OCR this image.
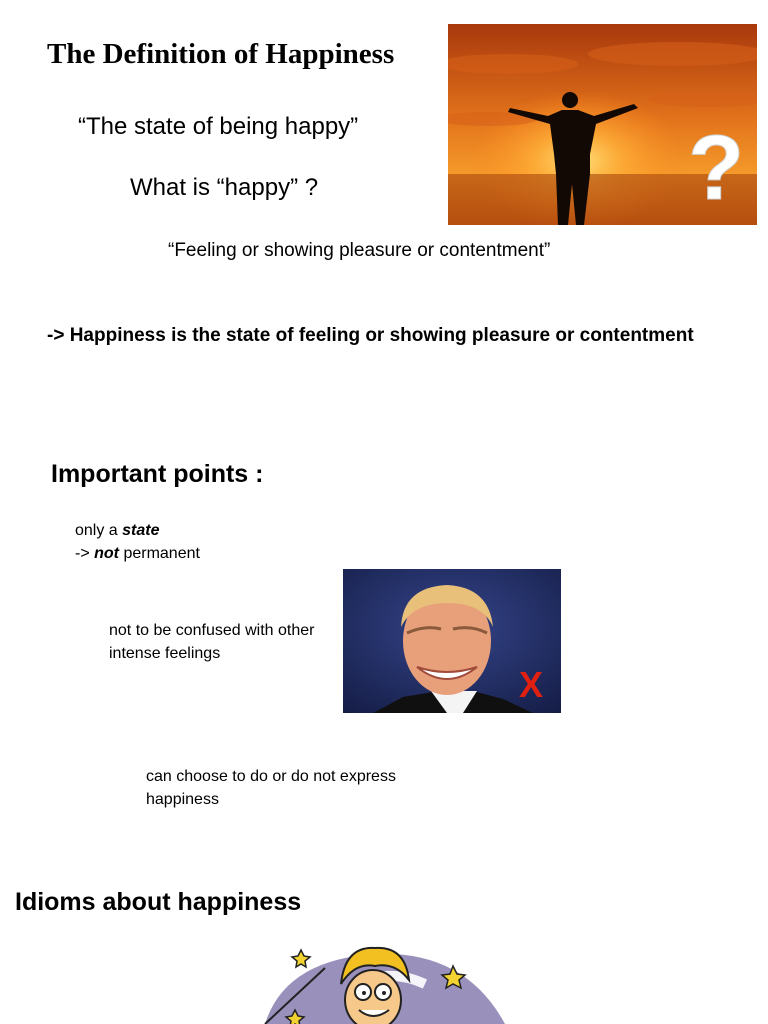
The Definition of Happiness
“The state of being happy”
What is “happy” ?	?
“Feeling or showing pleasure or contentment”
-> Happiness is the state of feeling or showing pleasure or contentment
Important points :
only a state
-> not permanent
not to be confused with other intense feelings
X
can choose to do or do not express happiness
Idioms about happiness
